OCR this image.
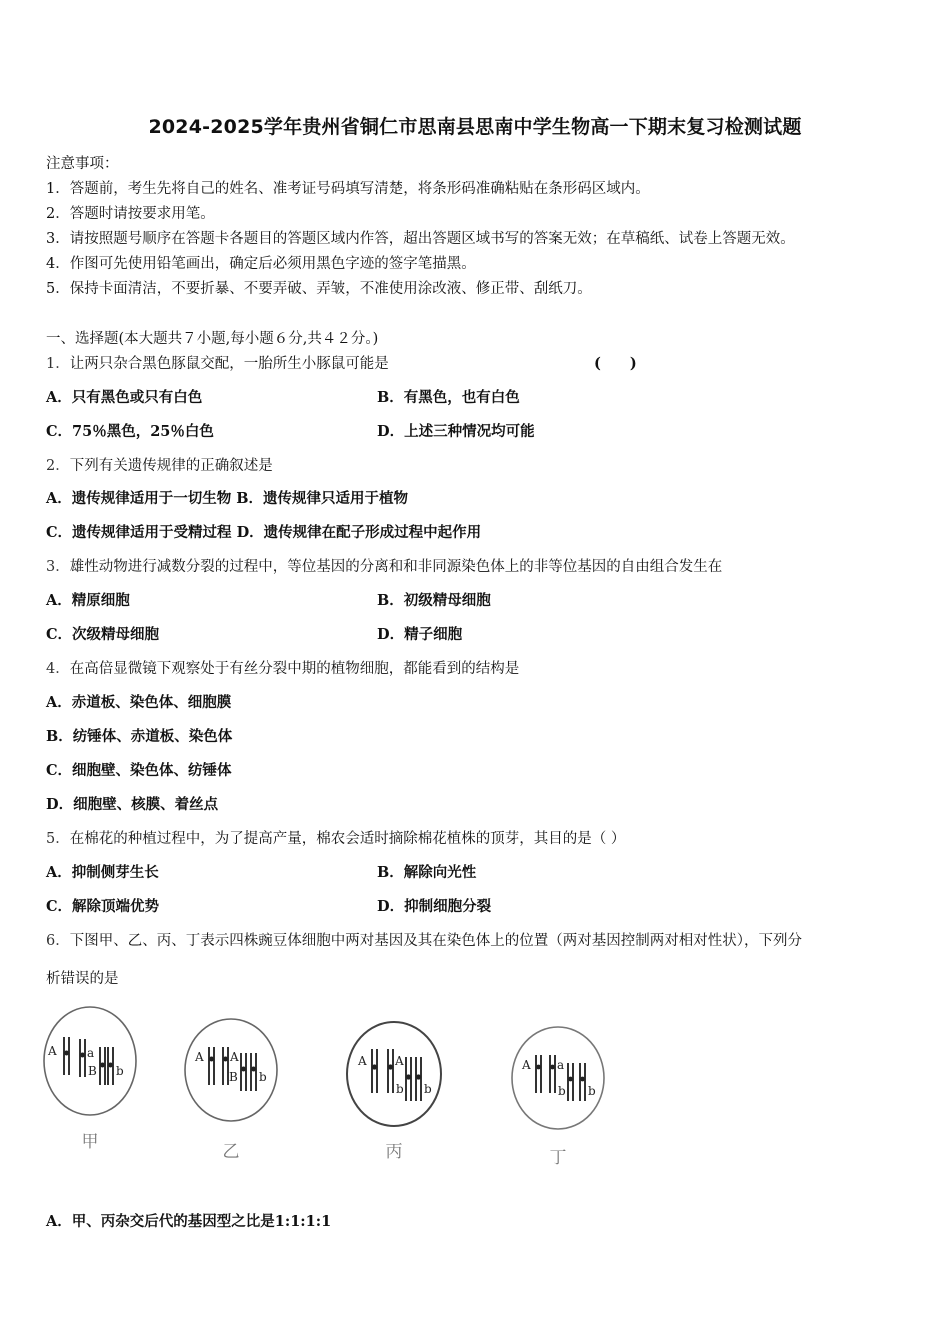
2024-2025学年贵州省铜仁市思南县思南中学生物高一下期末复习检测试题
注意事项：
1．答题前，考生先将自己的姓名、准考证号码填写清楚，将条形码准确粘贴在条形码区域内。
2．答题时请按要求用笔。
3．请按照题号顺序在答题卡各题目的答题区域内作答，超出答题区域书写的答案无效；在草稿纸、试卷上答题无效。
4．作图可先使用铅笔画出，确定后必须用黑色字迹的签字笔描黑。
5．保持卡面清洁，不要折暴、不要弄破、弄皱，不准使用涂改液、修正带、刮纸刀。
一、选择题(本大题共７小题,每小题６分,共４２分。)
1．让两只杂合黑色豚鼠交配，一胎所生小豚鼠可能是	(　　)
A．只有黑色或只有白色	B．有黑色，也有白色
C．75％黑色，25％白色	D．上述三种情况均可能
2．下列有关遗传规律的正确叙述是
A．遗传规律适用于一切生物 B．遗传规律只适用于植物
C．遗传规律适用于受精过程 D．遗传规律在配子形成过程中起作用
3．雄性动物进行减数分裂的过程中，等位基因的分离和和非同源染色体上的非等位基因的自由组合发生在
A．精原细胞	B．初级精母细胞
C．次级精母细胞	D．精子细胞
4．在高倍显微镜下观察处于有丝分裂中期的植物细胞，都能看到的结构是
A．赤道板、染色体、细胞膜
B．纺锤体、赤道板、染色体
C．细胞壁、染色体、纺锤体
D．细胞壁、核膜、着丝点
5．在棉花的种植过程中，为了提高产量，棉农会适时摘除棉花植株的顶芽，其目的是（ ）
A．抑制侧芽生长	B．解除向光性
C．解除顶端优势	D．抑制细胞分裂
6．下图甲、乙、丙、丁表示四株豌豆体细胞中两对基因及其在染色体上的位置（两对基因控制两对相对性状），下列分
析错误的是
A	a
B b
甲
A A
B b
乙
A A
b b
丙
A a
b b
丁
A．甲、丙杂交后代的基因型之比是1:1:1:1
